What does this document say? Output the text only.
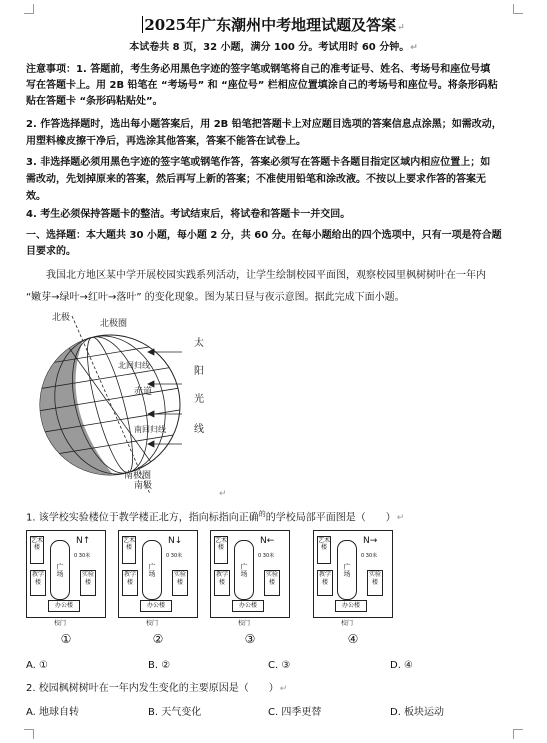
2025年广东潮州中考地理试题及答案↵
本试卷共 8 页，32 小题，满分 100 分。考试用时 60 分钟。↵
注意事项：1. 答题前，考生务必用黑色字迹的签字笔或钢笔将自己的准考证号、姓名、考场号和座位号填
写在答题卡上。用 2B 铅笔在 “考场号” 和 “座位号” 栏相应位置填涂自己的考场号和座位号。将条形码粘
贴在答题卡 “条形码粘贴处”。
2. 作答选择题时，选出每小题答案后，用 2B 铅笔把答题卡上对应题目选项的答案信息点涂黑；如需改动，
用塑料橡皮擦干净后，再选涂其他答案，答案不能答在试卷上。
3. 非选择题必须用黑色字迹的签字笔或钢笔作答，答案必须写在答题卡各题目指定区域内相应位置上；如
需改动，先划掉原来的答案，然后再写上新的答案；不准使用铅笔和涂改液。不按以上要求作答的答案无
效。
4. 考生必须保持答题卡的整洁。考试结束后，将试卷和答题卡一并交回。
一、选择题：本大题共 30 小题，每小题 2 分，共 60 分。在每小题给出的四个选项中，只有一项是符合题
目要求的。
我国北方地区某中学开展校园实践系列活动，让学生绘制校园平面图，观察校园里枫树树叶在一年内
“嫩芽→绿叶→红叶→落叶” 的变化现象。图为某日昼与夜示意图。据此完成下面小题。
北极
北极圈
南极圈
南极
北回归线
赤道
南回归线
太
阳
光
线
↵
1. 该学校实验楼位于教学楼正北方，指向标指向正确$^的$的学校局部平面图是（　　）↵
艺术楼
广场
教学楼
实验楼
办公楼
N↑
0 30米
校门
①
艺术楼
广场
教学楼
实验楼
办公楼
N↓
0 30米
校门
②
艺术楼
广场
教学楼
实验楼
办公楼
N←
0 30米
校门
③
艺术楼
广场
教学楼
实验楼
办公楼
N→
0 30米
校门
④
A. ①	B. ②	C. ③	D. ④
2. 校园枫树树叶在一年内发生变化的主要原因是（　　）↵
A. 地球自转	B. 天气变化	C. 四季更替	D. 板块运动
